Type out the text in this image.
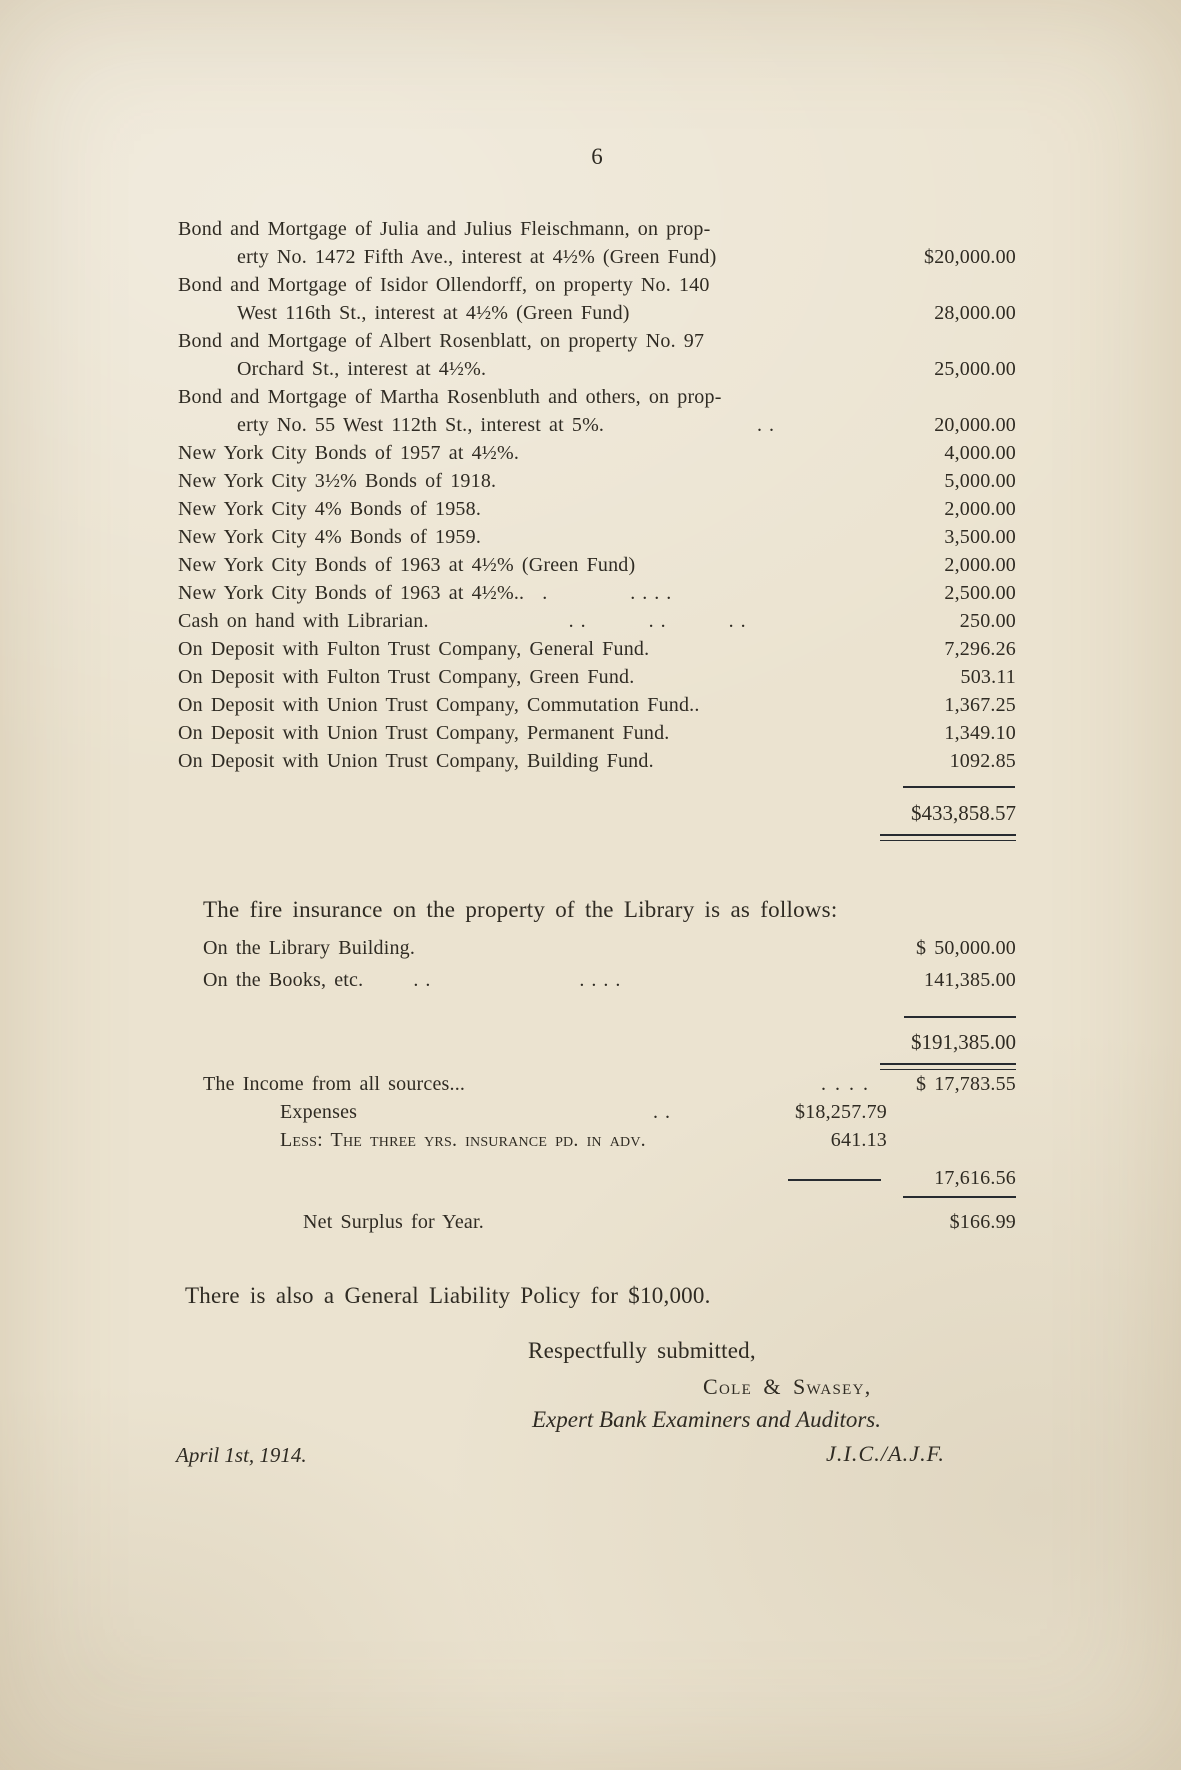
6
Bond and Mortgage of Julia and Julius Fleischmann, on prop-
erty No. 1472 Fifth Ave., interest at 4½% (Green Fund)	$20,000.00
Bond and Mortgage of Isidor Ollendorff, on property No. 140
West 116th St., interest at 4½% (Green Fund)	28,000.00
Bond and Mortgage of Albert Rosenblatt, on property No. 97
Orchard St., interest at 4½%.	25,000.00
Bond and Mortgage of Martha Rosenbluth and others, on prop-
erty No. 55 West 112th St., interest at 5%.	..	20,000.00
New York City Bonds of 1957 at 4½%.	4,000.00
New York City 3½% Bonds of 1918.	5,000.00
New York City 4% Bonds of 1958.	2,000.00
New York City 4% Bonds of 1959.	3,500.00
New York City Bonds of 1963 at 4½% (Green Fund)	2,000.00
New York City Bonds of 1963 at 4½%.. . ....	2,500.00
Cash on hand with Librarian.	.. .. ..	250.00
On Deposit with Fulton Trust Company, General Fund.	7,296.26
On Deposit with Fulton Trust Company, Green Fund.	503.11
On Deposit with Union Trust Company, Commutation Fund..	1,367.25
On Deposit with Union Trust Company, Permanent Fund.	1,349.10
On Deposit with Union Trust Company, Building Fund.	1092.85
$433,858.57
The fire insurance on the property of the Library is as follows:
On the Library Building.	$ 50,000.00
On the Books, etc.	.. ....	141,385.00
$191,385.00
The Income from all sources...	....	$ 17,783.55
Expenses	..	$18,257.79
Less: The three yrs. insurance pd. in adv.	641.13
17,616.56
Net Surplus for Year.	$166.99
There is also a General Liability Policy for $10,000.
Respectfully submitted,
Cole & Swasey,
Expert Bank Examiners and Auditors.
April 1st, 1914.	J.I.C./A.J.F.
